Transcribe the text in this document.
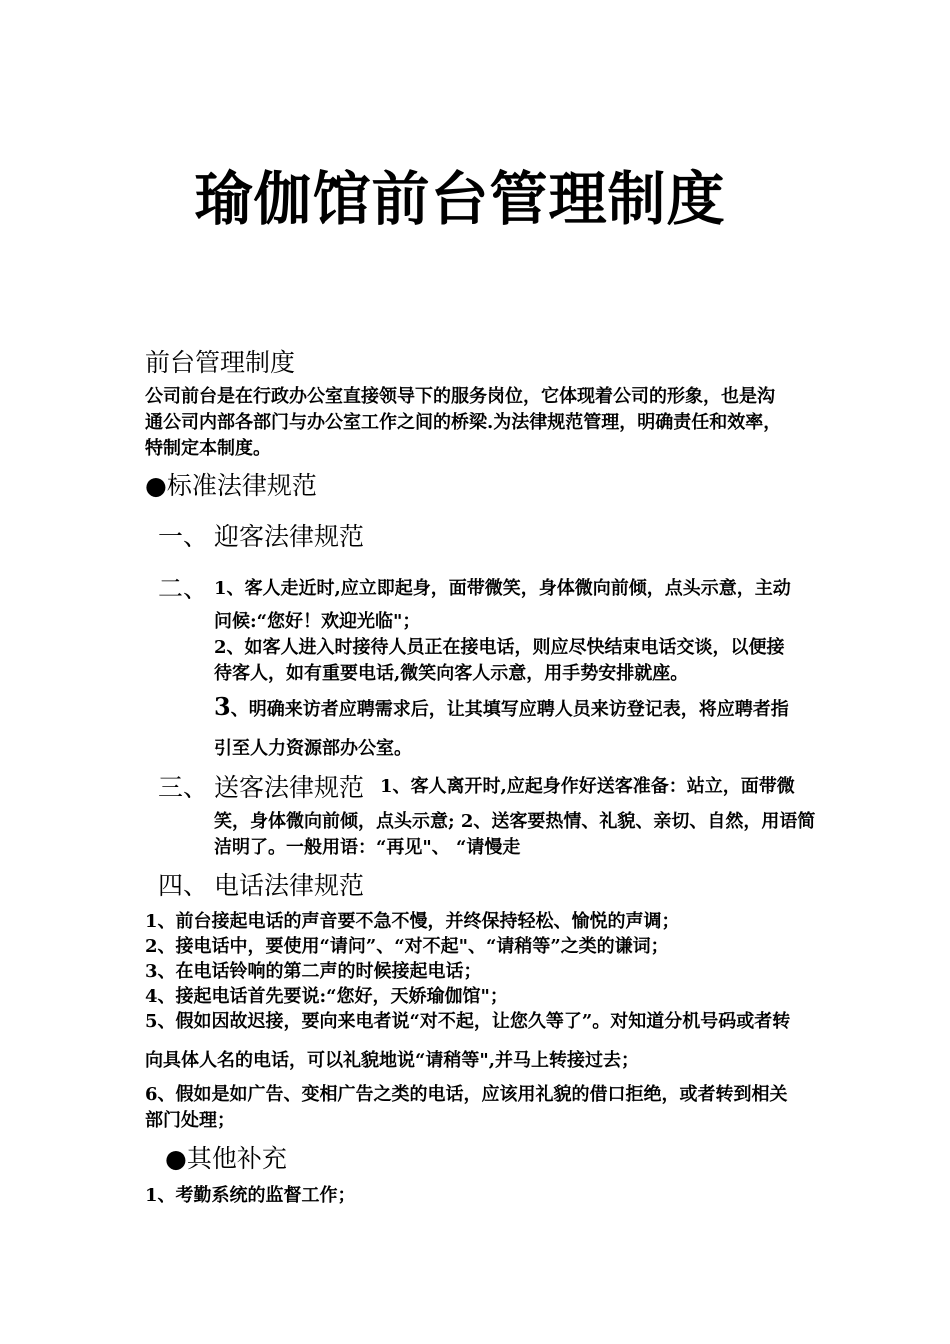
瑜伽馆前台管理制度
前台管理制度
公司前台是在行政办公室直接领导下的服务岗位，它体现着公司的形象，也是沟
通公司内部各部门与办公室工作之间的桥梁.为法律规范管理，明确责任和效率，
特制定本制度。
●标准法律规范
一、 迎客法律规范
二、 1、客人走近时,应立即起身，面带微笑，身体微向前倾，点头示意，主动
问候:“您好！欢迎光临"；
2、如客人进入时接待人员正在接电话，则应尽快结束电话交谈，以便接
待客人，如有重要电话,微笑向客人示意，用手势安排就座。
3、明确来访者应聘需求后，让其填写应聘人员来访登记表，将应聘者指
引至人力资源部办公室。
三、 送客法律规范 1、客人离开时,应起身作好送客准备：站立，面带微
笑，身体微向前倾，点头示意; 2、送客要热情、礼貌、亲切、自然，用语简
洁明了。一般用语：“再见"、 “请慢走
四、 电话法律规范
1、前台接起电话的声音要不急不慢，并终保持轻松、愉悦的声调；
2、接电话中，要使用“请问”、“对不起"、“请稍等”之类的谦词；
3、在电话铃响的第二声的时候接起电话；
4、接起电话首先要说:“您好，天娇瑜伽馆"；
5、假如因故迟接，要向来电者说“对不起，让您久等了”。对知道分机号码或者转
向具体人名的电话，可以礼貌地说“请稍等",并马上转接过去；
6、假如是如广告、变相广告之类的电话，应该用礼貌的借口拒绝，或者转到相关
部门处理；
●其他补充
1、考勤系统的监督工作；
